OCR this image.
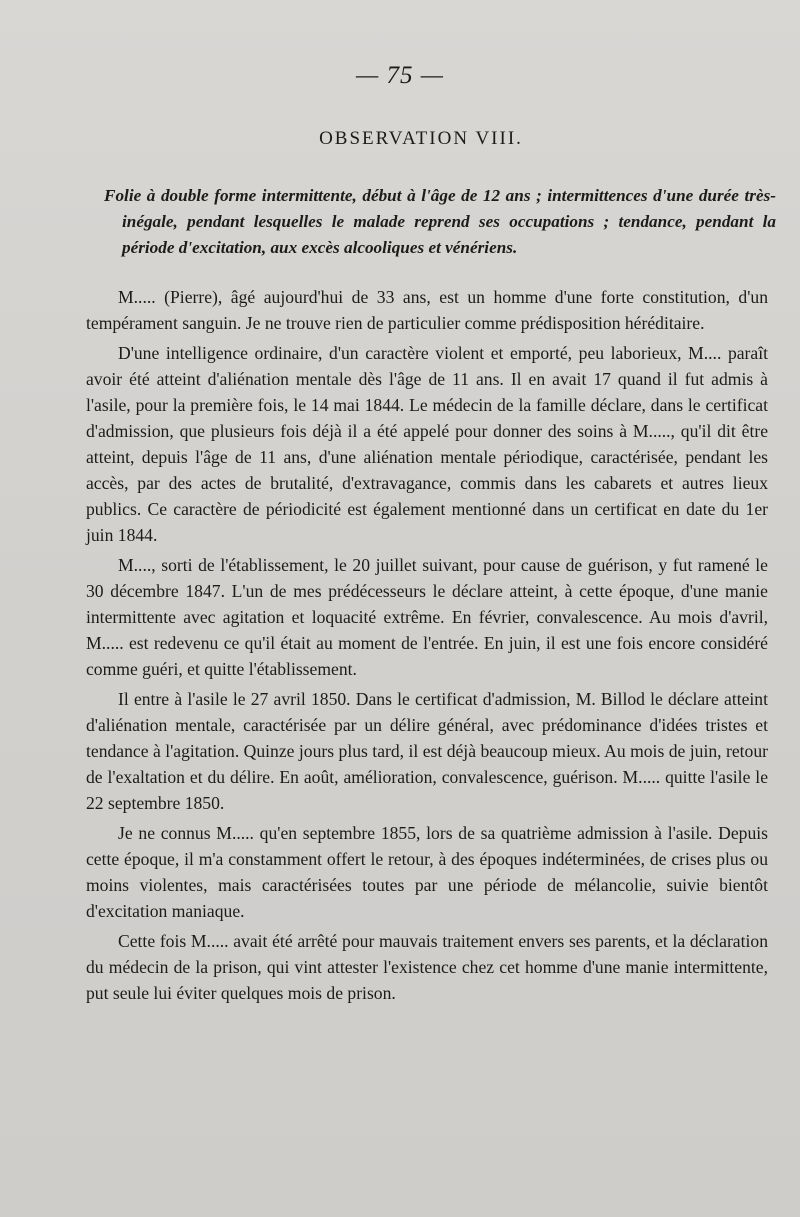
— 75 —
OBSERVATION VIII.
Folie à double forme intermittente, début à l'âge de 12 ans ; intermittences d'une durée très-inégale, pendant lesquelles le malade reprend ses occupations ; tendance, pendant la période d'excitation, aux excès alcooliques et vénériens.

M..... (Pierre), âgé aujourd'hui de 33 ans, est un homme d'une forte constitution, d'un tempérament sanguin. Je ne trouve rien de particulier comme prédisposition héréditaire.

D'une intelligence ordinaire, d'un caractère violent et emporté, peu laborieux, M.... paraît avoir été atteint d'aliénation mentale dès l'âge de 11 ans. Il en avait 17 quand il fut admis à l'asile, pour la première fois, le 14 mai 1844. Le médecin de la famille déclare, dans le certificat d'admission, que plusieurs fois déjà il a été appelé pour donner des soins à M....., qu'il dit être atteint, depuis l'âge de 11 ans, d'une aliénation mentale périodique, caractérisée, pendant les accès, par des actes de brutalité, d'extravagance, commis dans les cabarets et autres lieux publics. Ce caractère de périodicité est également mentionné dans un certificat en date du 1er juin 1844.

M...., sorti de l'établissement, le 20 juillet suivant, pour cause de guérison, y fut ramené le 30 décembre 1847. L'un de mes prédécesseurs le déclare atteint, à cette époque, d'une manie intermittente avec agitation et loquacité extrême. En février, convalescence. Au mois d'avril, M..... est redevenu ce qu'il était au moment de l'entrée. En juin, il est une fois encore considéré comme guéri, et quitte l'établissement.

Il entre à l'asile le 27 avril 1850. Dans le certificat d'admission, M. Billod le déclare atteint d'aliénation mentale, caractérisée par un délire général, avec prédominance d'idées tristes et tendance à l'agitation. Quinze jours plus tard, il est déjà beaucoup mieux. Au mois de juin, retour de l'exaltation et du délire. En août, amélioration, convalescence, guérison. M..... quitte l'asile le 22 septembre 1850.

Je ne connus M..... qu'en septembre 1855, lors de sa quatrième admission à l'asile. Depuis cette époque, il m'a constamment offert le retour, à des époques indéterminées, de crises plus ou moins violentes, mais caractérisées toutes par une période de mélancolie, suivie bientôt d'excitation maniaque.

Cette fois M..... avait été arrêté pour mauvais traitement envers ses parents, et la déclaration du médecin de la prison, qui vint attester l'existence chez cet homme d'une manie intermittente, put seule lui éviter quelques mois de prison.
